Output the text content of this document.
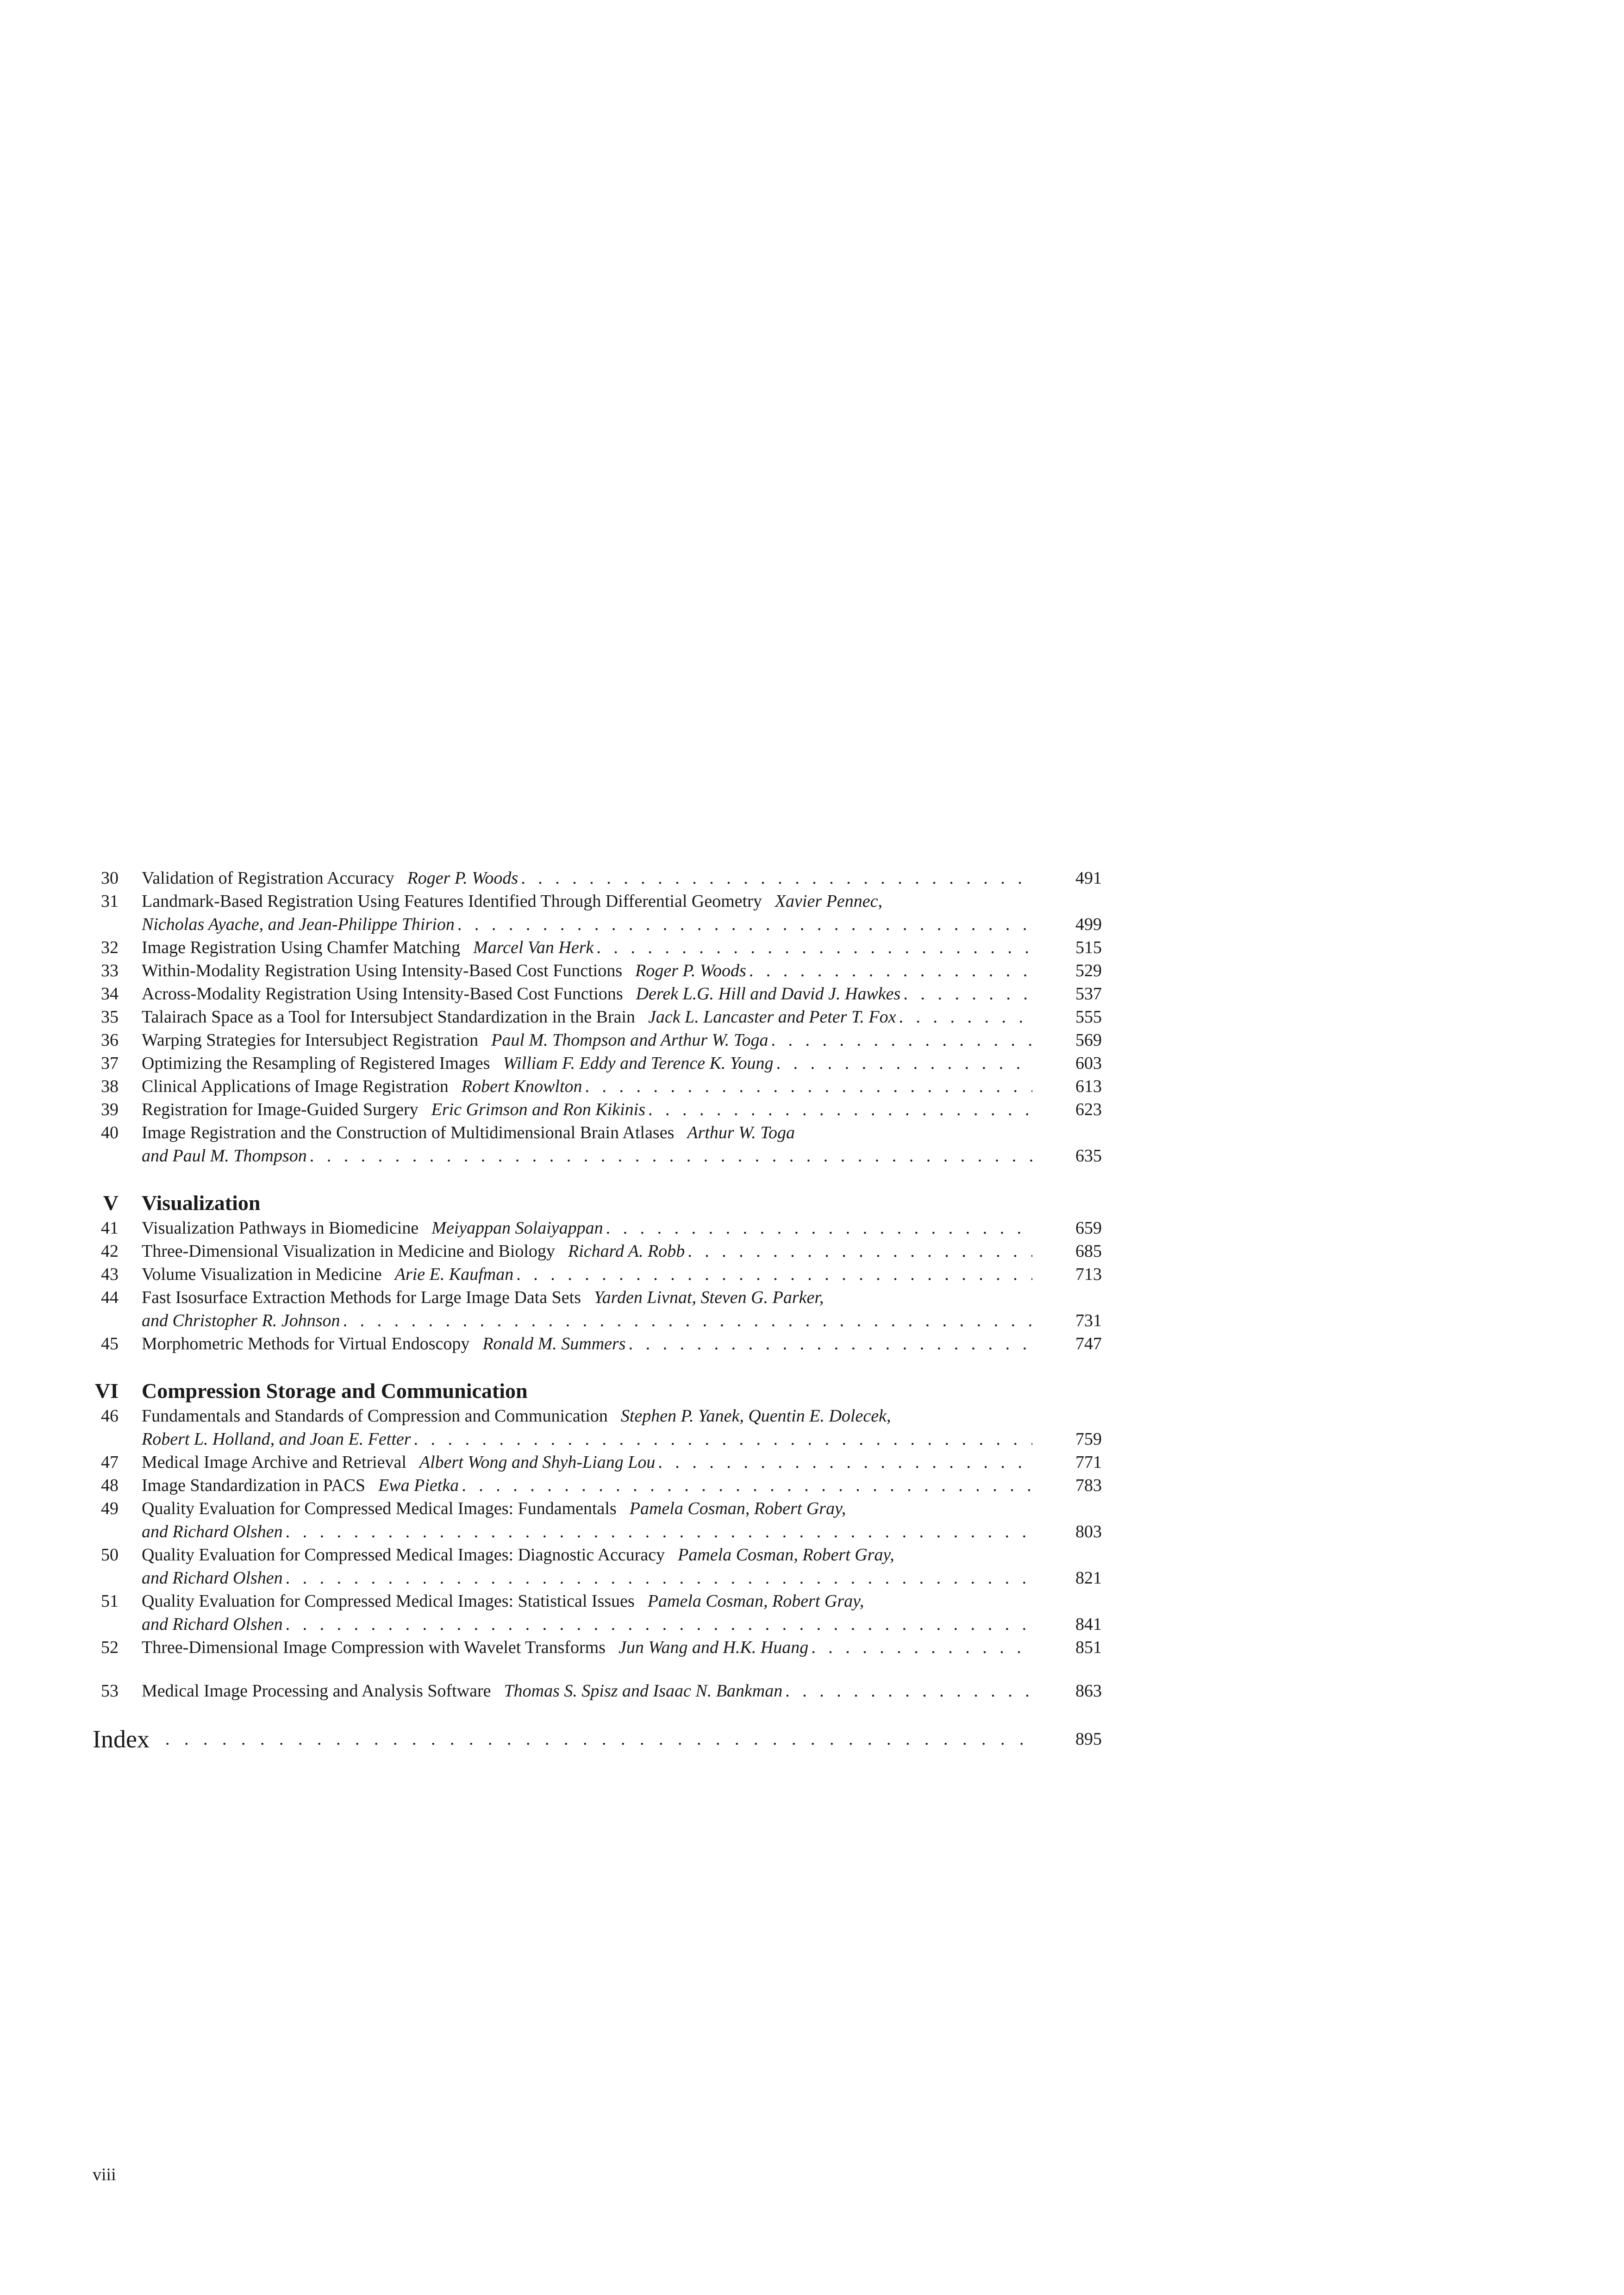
30 Validation of Registration Accuracy Roger P. Woods . . .	491
31 Landmark-Based Registration Using Features Identified Through Differential Geometry Xavier Pennec,
Nicholas Ayache, and Jean-Philippe Thirion . . .	499
32 Image Registration Using Chamfer Matching Marcel Van Herk . . .	515
33 Within-Modality Registration Using Intensity-Based Cost Functions Roger P. Woods . . .	529
34 Across-Modality Registration Using Intensity-Based Cost Functions Derek L.G. Hill and David J. Hawkes . . .	537
35 Talairach Space as a Tool for Intersubject Standardization in the Brain Jack L. Lancaster and Peter T. Fox . . .	555
36 Warping Strategies for Intersubject Registration Paul M. Thompson and Arthur W. Toga . . .	569
37 Optimizing the Resampling of Registered Images William F. Eddy and Terence K. Young . . .	603
38 Clinical Applications of Image Registration Robert Knowlton . . .	613
39 Registration for Image-Guided Surgery Eric Grimson and Ron Kikinis . . .	623
40 Image Registration and the Construction of Multidimensional Brain Atlases Arthur W. Toga
and Paul M. Thompson . . .	635
V Visualization
41 Visualization Pathways in Biomedicine Meiyappan Solaiyappan . . .	659
42 Three-Dimensional Visualization in Medicine and Biology Richard A. Robb . . .	685
43 Volume Visualization in Medicine Arie E. Kaufman . . .	713
44 Fast Isosurface Extraction Methods for Large Image Data Sets Yarden Livnat, Steven G. Parker,
and Christopher R. Johnson . . .	731
45 Morphometric Methods for Virtual Endoscopy Ronald M. Summers . . .	747
VI Compression Storage and Communication
46 Fundamentals and Standards of Compression and Communication Stephen P. Yanek, Quentin E. Dolecek,
Robert L. Holland, and Joan E. Fetter . . .	759
47 Medical Image Archive and Retrieval Albert Wong and Shyh-Liang Lou . . .	771
48 Image Standardization in PACS Ewa Pietka . . .	783
49 Quality Evaluation for Compressed Medical Images: Fundamentals Pamela Cosman, Robert Gray,
and Richard Olshen . . .	803
50 Quality Evaluation for Compressed Medical Images: Diagnostic Accuracy Pamela Cosman, Robert Gray,
and Richard Olshen . . .	821
51 Quality Evaluation for Compressed Medical Images: Statistical Issues Pamela Cosman, Robert Gray,
and Richard Olshen . . .	841
52 Three-Dimensional Image Compression with Wavelet Transforms Jun Wang and H.K. Huang . . .	851
53 Medical Image Processing and Analysis Software Thomas S. Spisz and Isaac N. Bankman . . .	863
Index . . .	895
viii
